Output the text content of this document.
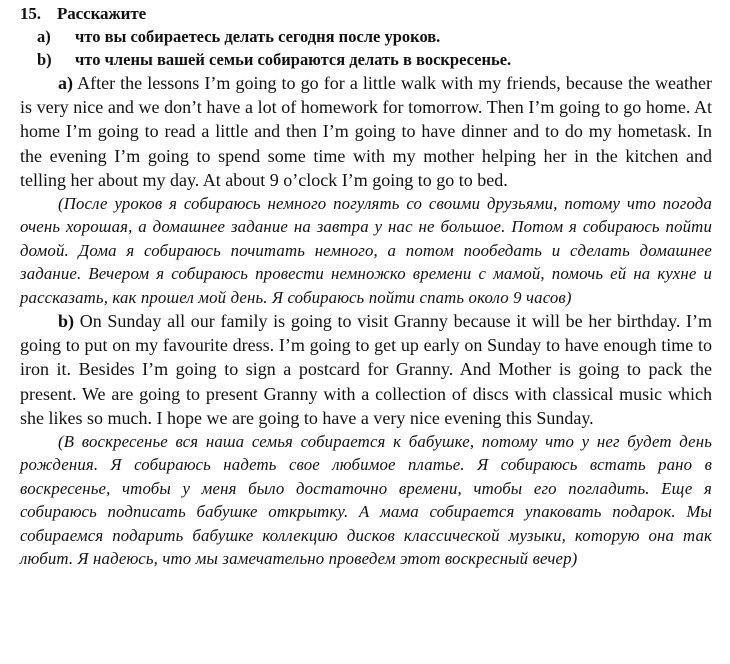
15. Расскажите
a) что вы собираетесь делать сегодня после уроков.
b) что члены вашей семьи собираются делать в воскресенье.

a) After the lessons I’m going to go for a little walk with my friends, because the weather is very nice and we don’t have a lot of homework for tomorrow. Then I’m going to go home. At home I’m going to read a little and then I’m going to have dinner and to do my hometask. In the evening I’m going to spend some time with my mother helping her in the kitchen and telling her about my day. At about 9 o’clock I’m going to go to bed.

(После уроков я собираюсь немного погулять со своими друзьями, потому что погода очень хорошая, а домашнее задание на завтра у нас не большое. Потом я собираюсь пойти домой. Дома я собираюсь почитать немного, а потом пообедать и сделать домашнее задание. Вечером я собираюсь провести немножко времени с мамой, помочь ей на кухне и рассказать, как прошел мой день. Я собираюсь пойти спать около 9 часов)

b) On Sunday all our family is going to visit Granny because it will be her birthday. I’m going to put on my favourite dress. I’m going to get up early on Sunday to have enough time to iron it. Besides I’m going to sign a postcard for Granny. And Mother is going to pack the present. We are going to present Granny with a collection of discs with classical music which she likes so much. I hope we are going to have a very nice evening this Sunday.

(В воскресенье вся наша семья собирается к бабушке, потому что у нег будет день рождения. Я собираюсь надеть свое любимое платье. Я собираюсь встать рано в воскресенье, чтобы у меня было достаточно времени, чтобы его погладить. Еще я собираюсь подписать бабушке открытку. А мама собирается упаковать подарок. Мы собираемся подарить бабушке коллекцию дисков классической музыки, которую она так любит. Я надеюсь, что мы замечательно проведем этот воскресный вечер)
